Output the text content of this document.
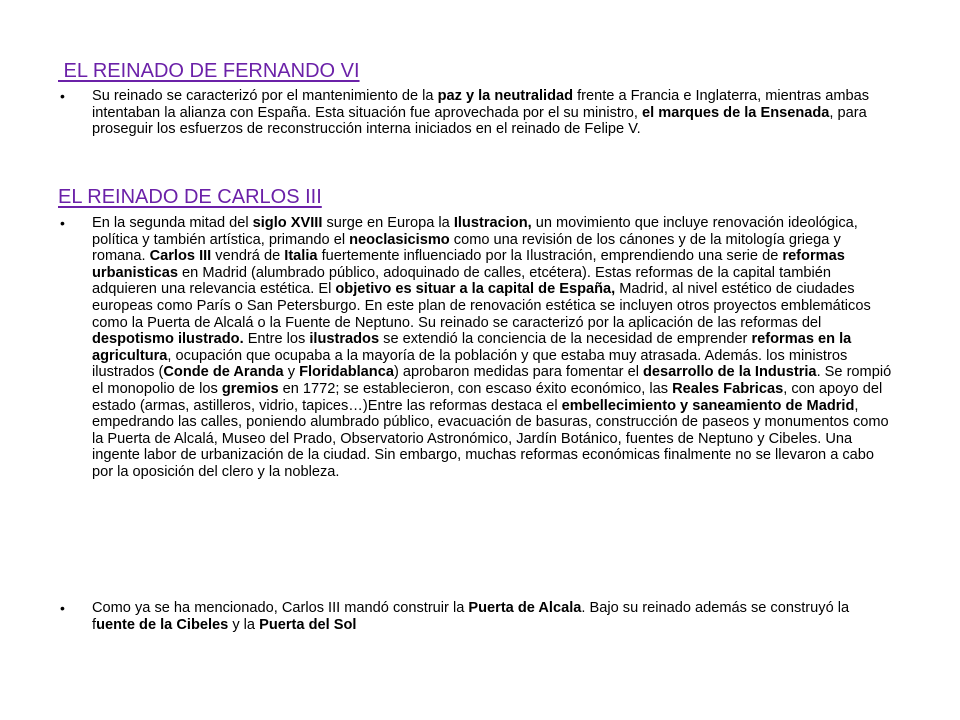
EL REINADO DE FERNANDO VI
• Su reinado se caracterizó por el mantenimiento de la paz y la neutralidad frente a Francia e Inglaterra, mientras ambas intentaban la alianza con España. Esta situación fue aprovechada por el su ministro, el marques de la Ensenada, para proseguir los esfuerzos de reconstrucción interna iniciados en el reinado de Felipe V.
EL REINADO DE CARLOS III
• En la segunda mitad del siglo XVIII surge en Europa la Ilustracion, un movimiento que incluye renovación ideológica, política y también artística, primando el neoclasicismo como una revisión de los cánones y de la mitología griega y romana. Carlos III vendrá de Italia fuertemente influenciado por la Ilustración, emprendiendo una serie de reformas urbanisticas en Madrid (alumbrado público, adoquinado de calles, etcétera). Estas reformas de la capital también adquieren una relevancia estética. El objetivo es situar a la capital de España, Madrid, al nivel estético de ciudades europeas como París o San Petersburgo. En este plan de renovación estética se incluyen otros proyectos emblemáticos como la Puerta de Alcalá o la Fuente de Neptuno. Su reinado se caracterizó por la aplicación de las reformas del despotismo ilustrado. Entre los ilustrados se extendió la conciencia de la necesidad de emprender reformas en la agricultura, ocupación que ocupaba a la mayoría de la población y que estaba muy atrasada. Además. los ministros ilustrados (Conde de Aranda y Floridablanca) aprobaron medidas para fomentar el desarrollo de la Industria. Se rompió el monopolio de los gremios en 1772; se establecieron, con escaso éxito económico, las Reales Fabricas, con apoyo del estado (armas, astilleros, vidrio, tapices…)Entre las reformas destaca el embellecimiento y saneamiento de Madrid, empedrando las calles, poniendo alumbrado público, evacuación de basuras, construcción de paseos y monumentos como la Puerta de Alcalá, Museo del Prado, Observatorio Astronómico, Jardín Botánico, fuentes de Neptuno y Cibeles. Una ingente labor de urbanización de la ciudad. Sin embargo, muchas reformas económicas finalmente no se llevaron a cabo por la oposición del clero y la nobleza.
• Como ya se ha mencionado, Carlos III mandó construir la Puerta de Alcala. Bajo su reinado además se construyó la fuente de la Cibeles y la Puerta del Sol
